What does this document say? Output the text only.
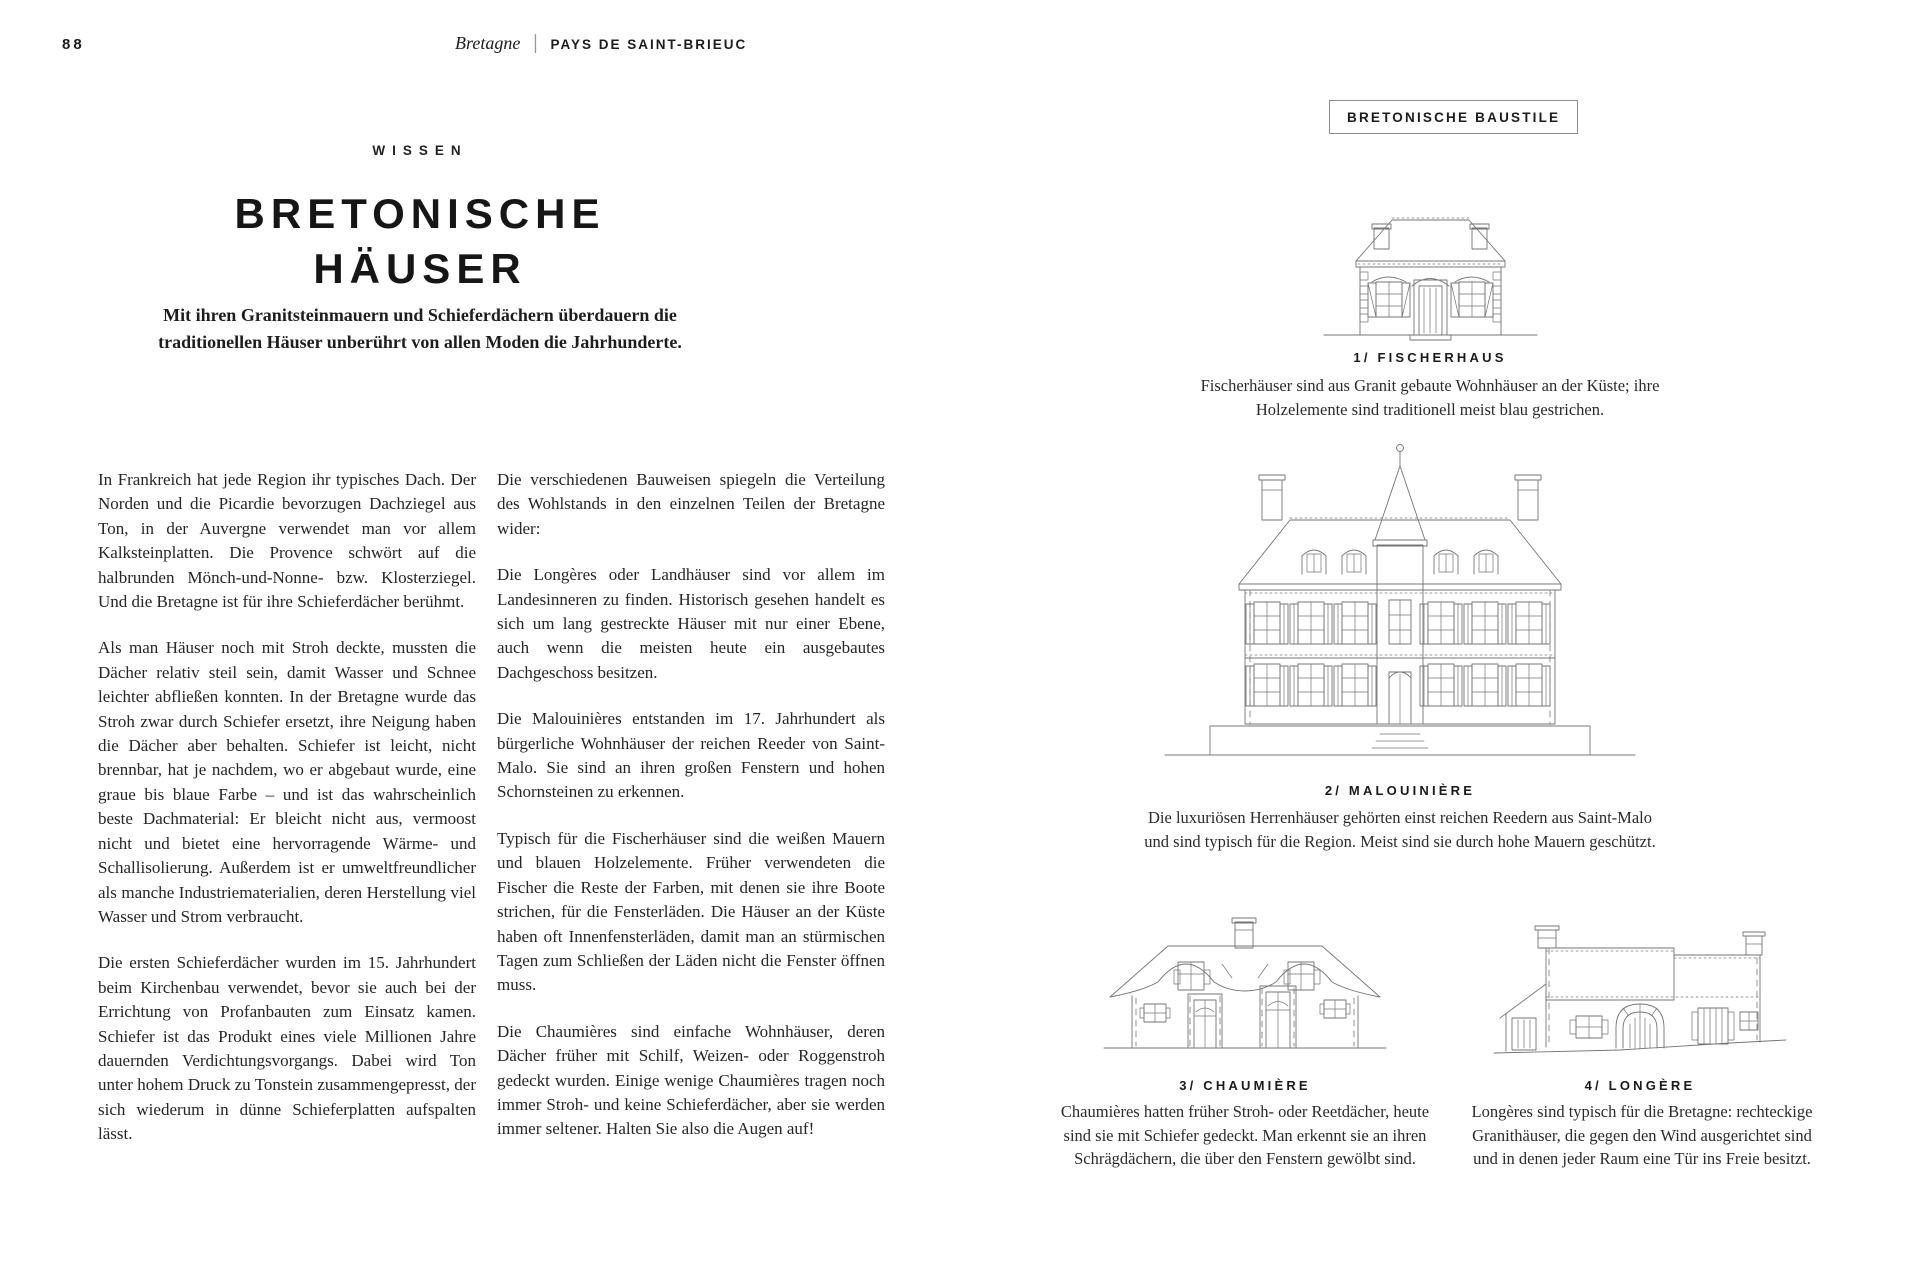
88	Bretagne | PAYS DE SAINT-BRIEUC
WISSEN
BRETONISCHE
HÄUSER

Mit ihren Granitsteinmauern und Schieferdächern überdauern die
traditionellen Häuser unberührt von allen Moden die Jahrhunderte.

In Frankreich hat jede Region ihr typisches Dach. Der Norden und die Picardie bevorzugen Dachziegel aus Ton, in der Auvergne verwendet man vor allem Kalksteinplatten. Die Provence schwört auf die halbrunden Mönch-und-Nonne- bzw. Klosterziegel. Und die Bretagne ist für ihre Schieferdächer berühmt.

Als man Häuser noch mit Stroh deckte, mussten die Dächer relativ steil sein, damit Wasser und Schnee leichter abfließen konnten. In der Bretagne wurde das Stroh zwar durch Schiefer ersetzt, ihre Neigung haben die Dächer aber behalten. Schiefer ist leicht, nicht brennbar, hat je nachdem, wo er abgebaut wurde, eine graue bis blaue Farbe – und ist das wahrscheinlich beste Dachmaterial: Er bleicht nicht aus, vermoost nicht und bietet eine hervorragende Wärme- und Schallisolierung. Außerdem ist er umweltfreundlicher als manche Industriematerialien, deren Herstellung viel Wasser und Strom verbraucht.

Die ersten Schieferdächer wurden im 15. Jahrhundert beim Kirchenbau verwendet, bevor sie auch bei der Errichtung von Profanbauten zum Einsatz kamen. Schiefer ist das Produkt eines viele Millionen Jahre dauernden Verdichtungsvorgangs. Dabei wird Ton unter hohem Druck zu Tonstein zusammengepresst, der sich wiederum in dünne Schieferplatten aufspalten lässt.

Die verschiedenen Bauweisen spiegeln die Verteilung des Wohlstands in den einzelnen Teilen der Bretagne wider:

Die Longères oder Landhäuser sind vor allem im Landesinneren zu finden. Historisch gesehen handelt es sich um lang gestreckte Häuser mit nur einer Ebene, auch wenn die meisten heute ein ausgebautes Dachgeschoss besitzen.

Die Malouinières entstanden im 17. Jahrhundert als bürgerliche Wohnhäuser der reichen Reeder von Saint-Malo. Sie sind an ihren großen Fenstern und hohen Schornsteinen zu erkennen.

Typisch für die Fischerhäuser sind die weißen Mauern und blauen Holzelemente. Früher verwendeten die Fischer die Reste der Farben, mit denen sie ihre Boote strichen, für die Fensterläden. Die Häuser an der Küste haben oft Innenfensterläden, damit man an stürmischen Tagen zum Schließen der Läden nicht die Fenster öffnen muss.

Die Chaumières sind einfache Wohnhäuser, deren Dächer früher mit Schilf, Weizen- oder Roggenstroh gedeckt wurden. Einige wenige Chaumières tragen noch immer Stroh- und keine Schieferdächer, aber sie werden immer seltener. Halten Sie also die Augen auf!

BRETONISCHE BAUSTILE
1/ FISCHERHAUS
Fischerhäuser sind aus Granit gebaute Wohnhäuser an der Küste; ihre Holzelemente sind traditionell meist blau gestrichen.
2/ MALOUINIÈRE
Die luxuriösen Herrenhäuser gehörten einst reichen Reedern aus Saint-Malo und sind typisch für die Region. Meist sind sie durch hohe Mauern geschützt.
3/ CHAUMIÈRE
Chaumières hatten früher Stroh- oder Reetdächer, heute sind sie mit Schiefer gedeckt. Man erkennt sie an ihren Schrägdächern, die über den Fenstern gewölbt sind.
4/ LONGÈRE
Longères sind typisch für die Bretagne: rechteckige Granithäuser, die gegen den Wind ausgerichtet sind und in denen jeder Raum eine Tür ins Freie besitzt.
